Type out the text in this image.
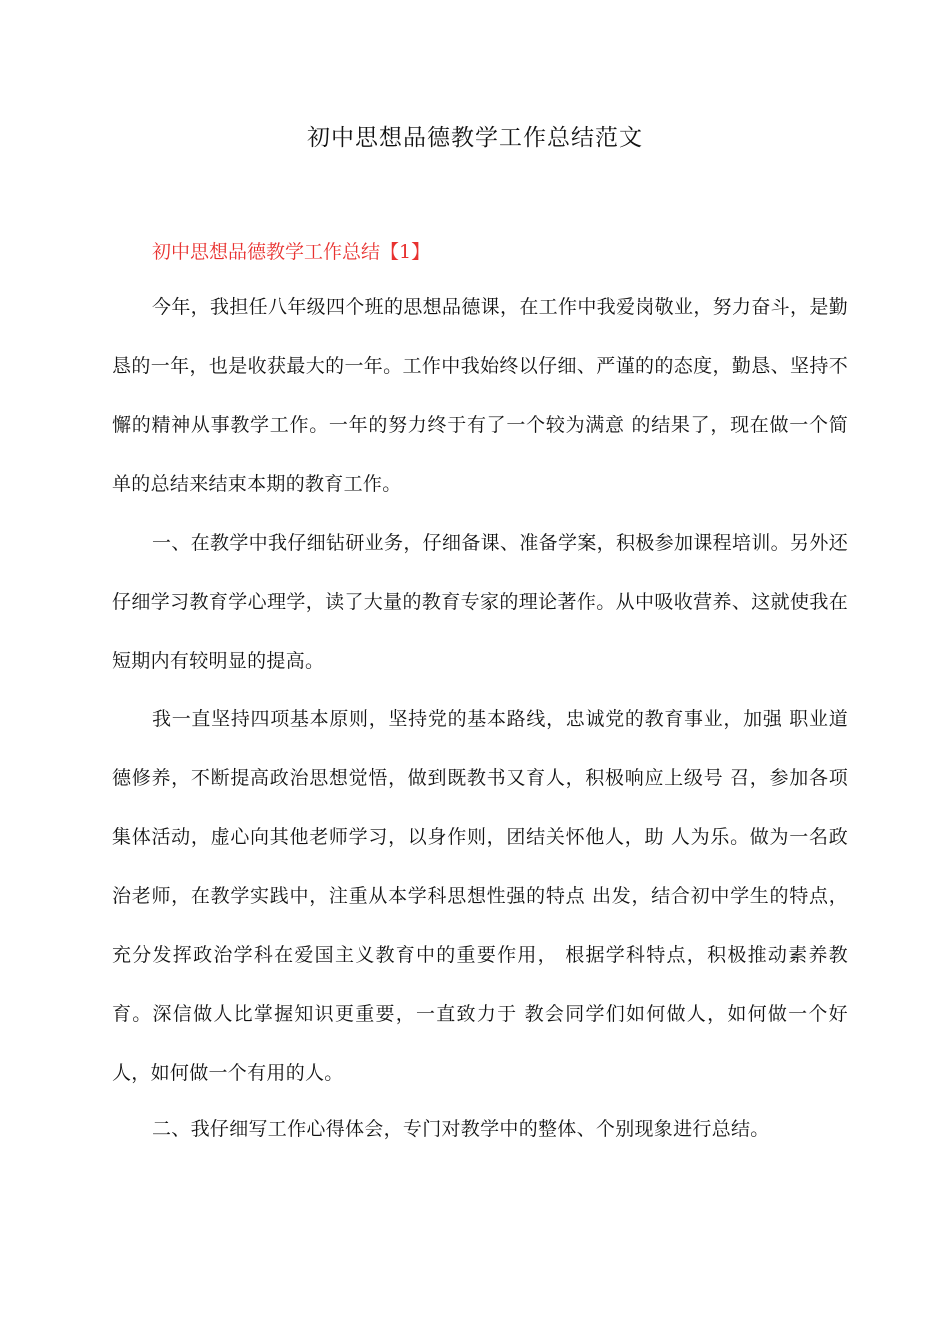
初中思想品德教学工作总结范文
初中思想品德教学工作总结【1】

今年，我担任八年级四个班的思想品德课，在工作中我爱岗敬业，努力奋斗，是勤恳的一年，也是收获最大的一年。工作中我始终以仔细、严谨的的态度，勤恳、坚持不懈的精神从事教学工作。一年的努力终于有了一个较为满意 的结果了，现在做一个简单的总结来结束本期的教育工作。

一、在教学中我仔细钻研业务，仔细备课、准备学案，积极参加课程培训。另外还仔细学习教育学心理学，读了大量的教育专家的理论著作。从中吸收营养、这就使我在短期内有较明显的提高。

我一直坚持四项基本原则，坚持党的基本路线，忠诚党的教育事业，加强 职业道德修养，不断提高政治思想觉悟，做到既教书又育人，积极响应上级号 召，参加各项集体活动，虚心向其他老师学习，以身作则，团结关怀他人，助 人为乐。做为一名政治老师，在教学实践中，注重从本学科思想性强的特点 出发，结合初中学生的特点，充分发挥政治学科在爱国主义教育中的重要作用， 根据学科特点，积极推动素养教育。深信做人比掌握知识更重要，一直致力于 教会同学们如何做人，如何做一个好人，如何做一个有用的人。

二、我仔细写工作心得体会，专门对教学中的整体、个别现象进行总结。
